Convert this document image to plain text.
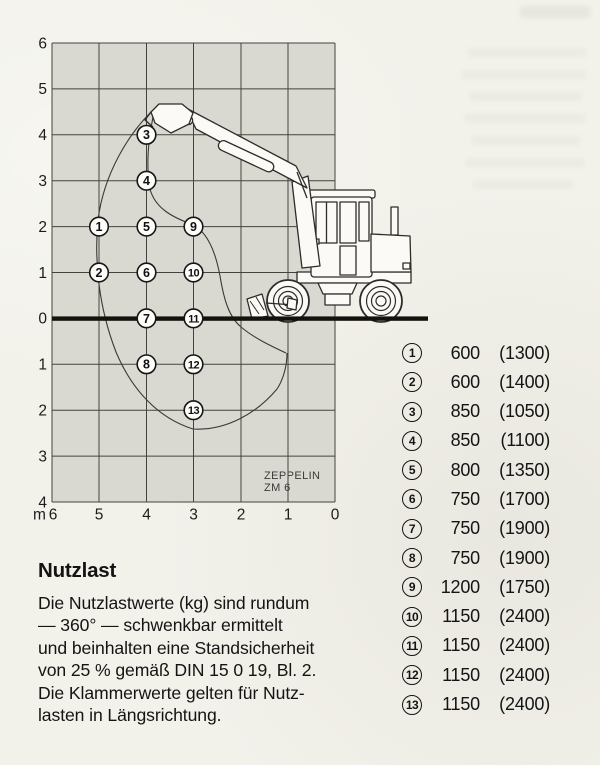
1
2
3
4
5
6
7
8
9
10
11
12
13
6
5
4
3
2
1
0
1
2
3
4
m 6 5	4 3	2 1 0
ZEPPELIN
ZM 6
1	600	(1300)
2	600	(1400)
3	850	(1050)
4	850	(1100)
5	800	(1350)
6	750	(1700)
7	750	(1900)
8	750	(1900)
9	1200	(1750)
10	1150	(2400)
11	1150	(2400)
12	1150	(2400)
13	1150	(2400)
Nutzlast
Die Nutzlastwerte (kg) sind rundum
— 360° — schwenkbar ermittelt
und beinhalten eine Standsicherheit
von 25 % gemäß DIN 15 0 19, Bl. 2.
Die Klammerwerte gelten für Nutz-
lasten in Längsrichtung.
